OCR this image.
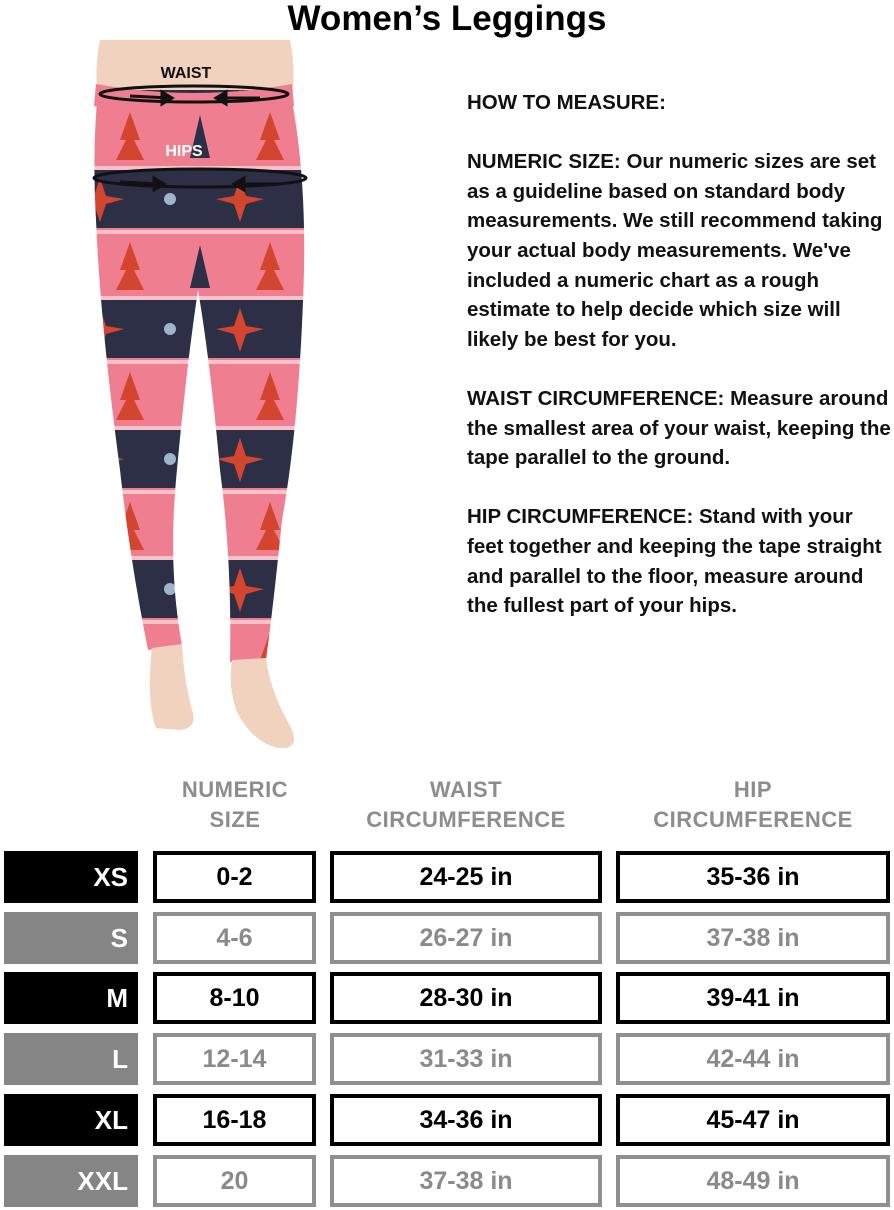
Women’s Leggings
WAIST
HIPS

HOW TO MEASURE:

NUMERIC SIZE: Our numeric sizes are set as a guideline based on standard body measurements. We still recommend taking your actual body measurements. We've included a numeric chart as a rough estimate to help decide which size will likely be best for you.

WAIST CIRCUMFERENCE: Measure around the smallest area of your waist, keeping the tape parallel to the ground.

HIP CIRCUMFERENCE: Stand with your feet together and keeping the tape straight and parallel to the floor, measure around the fullest part of your hips.

NUMERIC
SIZE
WAIST
CIRCUMFERENCE
HIP
CIRCUMFERENCE
XS	0-2	24-25 in	35-36 in
S	4-6	26-27 in	37-38 in
M	8-10	28-30 in	39-41 in
L	12-14	31-33 in	42-44 in
XL	16-18	34-36 in	45-47 in
XXL	20	37-38 in	48-49 in
